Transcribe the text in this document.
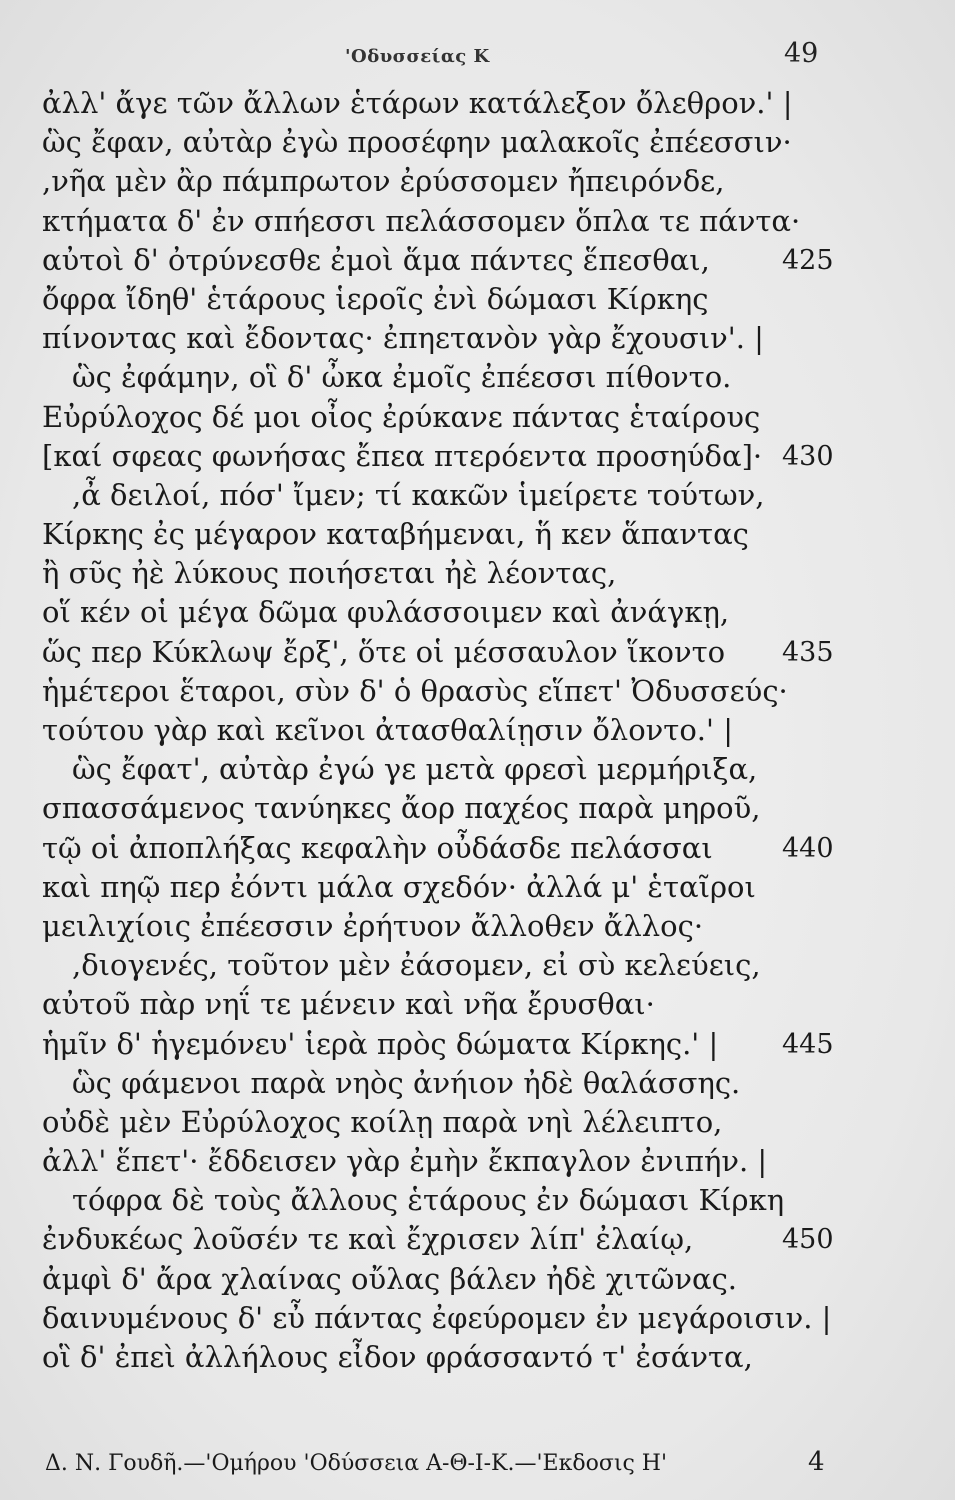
'Οδυσσείας Κ	49
ἀλλ' ἄγε τῶν ἄλλων ἑτάρων κατάλεξον ὄλεθρον.' |
ὣς ἔφαν, αὐτὰρ ἐγὼ προσέφην μαλακοῖς ἐπέεσσιν·
,νῆα μὲν ἂρ πάμπρωτον ἐρύσσομεν ἤπειρόνδε,
κτήματα δ' ἐν σπήεσσι πελάσσομεν ὅπλα τε πάντα·
αὐτοὶ δ' ὀτρύνεσθε ἐμοὶ ἅμα πάντες ἕπεσθαι,	425
ὄφρα ἴδηθ' ἑτάρους ἱεροῖς ἐνὶ δώμασι Κίρκης
πίνοντας καὶ ἔδοντας· ἐπηετανὸν γὰρ ἔχουσιν'. |
ὣς ἐφάμην, οἳ δ' ὦκα ἐμοῖς ἐπέεσσι πίθοντο.
Εὐρύλοχος δέ μοι οἶος ἐρύκανε πάντας ἑταίρους
[καί σφεας φωνήσας ἔπεα πτερόεντα προσηύδα]· 430
,ἆ δειλοί, πόσ' ἴμεν; τί κακῶν ἱμείρετε τούτων,
Κίρκης ἐς μέγαρον καταβήμεναι, ἥ κεν ἅπαντας
ἢ σῦς ἠὲ λύκους ποιήσεται ἠὲ λέοντας,
οἵ κέν οἱ μέγα δῶμα φυλάσσοιμεν καὶ ἀνάγκῃ,
ὥς περ Κύκλωψ ἔρξ', ὅτε οἱ μέσσαυλον ἵκοντο 435
ἡμέτεροι ἕταροι, σὺν δ' ὁ θρασὺς εἵπετ' Ὀδυσσεύς·
τούτου γὰρ καὶ κεῖνοι ἀτασθαλίῃσιν ὄλοντο.' |
ὣς ἔφατ', αὐτὰρ ἐγώ γε μετὰ φρεσὶ μερμήριξα,
σπασσάμενος τανύηκες ἄορ παχέος παρὰ μηροῦ,
τῷ οἱ ἀποπλήξας κεφαλὴν οὖδάσδε πελάσσαι	440
καὶ πηῷ περ ἐόντι μάλα σχεδόν· ἀλλά μ' ἑταῖροι
μειλιχίοις ἐπέεσσιν ἐρήτυον ἄλλοθεν ἄλλος·
,διογενές, τοῦτον μὲν ἐάσομεν, εἰ σὺ κελεύεις,
αὐτοῦ πὰρ νηΐ τε μένειν καὶ νῆα ἔρυσθαι·
ἡμῖν δ' ἡγεμόνευ' ἱερὰ πρὸς δώματα Κίρκης.' | 445
ὣς φάμενοι παρὰ νηὸς ἀνήιον ἠδὲ θαλάσσης.
οὐδὲ μὲν Εὐρύλοχος κοίλῃ παρὰ νηὶ λέλειπτο,
ἀλλ' ἕπετ'· ἔδδεισεν γὰρ ἐμὴν ἔκπαγλον ἐνιπήν. |
τόφρα δὲ τοὺς ἄλλους ἑτάρους ἐν δώμασι Κίρκη
ἐνδυκέως λοῦσέν τε καὶ ἔχρισεν λίπ' ἐλαίῳ,	450
ἀμφὶ δ' ἄρα χλαίνας οὔλας βάλεν ἠδὲ χιτῶνας.
δαινυμένους δ' εὖ πάντας ἐφεύρομεν ἐν μεγάροισιν. |
οἳ δ' ἐπεὶ ἀλλήλους εἶδον φράσσαντό τ' ἐσάντα,
Δ. Ν. Γουδῆ.—'Ομήρου 'Οδύσσεια Α-Θ-Ι-Κ.—'Εκδοσις Η'	4
